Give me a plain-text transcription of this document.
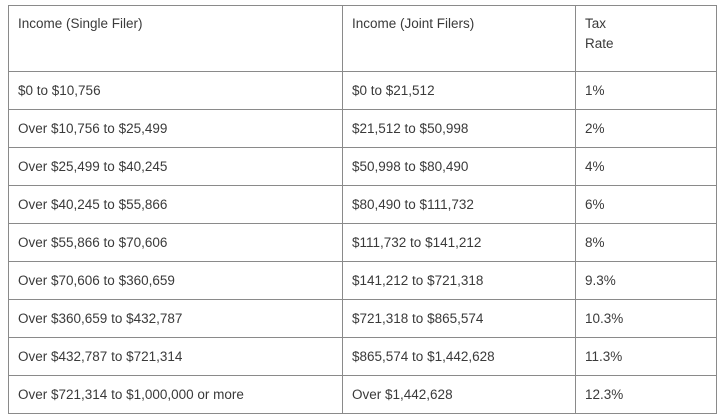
Income (Single Filer)	Income (Joint Filers)	Tax
Rate

$0 to $10,756	$0 to $21,512	1%
Over $10,756 to $25,499	$21,512 to $50,998	2%
Over $25,499 to $40,245	$50,998 to $80,490	4%
Over $40,245 to $55,866	$80,490 to $111,732	6%
Over $55,866 to $70,606	$111,732 to $141,212	8%
Over $70,606 to $360,659	$141,212 to $721,318	9.3%
Over $360,659 to $432,787	$721,318 to $865,574	10.3%
Over $432,787 to $721,314	$865,574 to $1,442,628	11.3%
Over $721,314 to $1,000,000 or more	Over $1,442,628	12.3%
